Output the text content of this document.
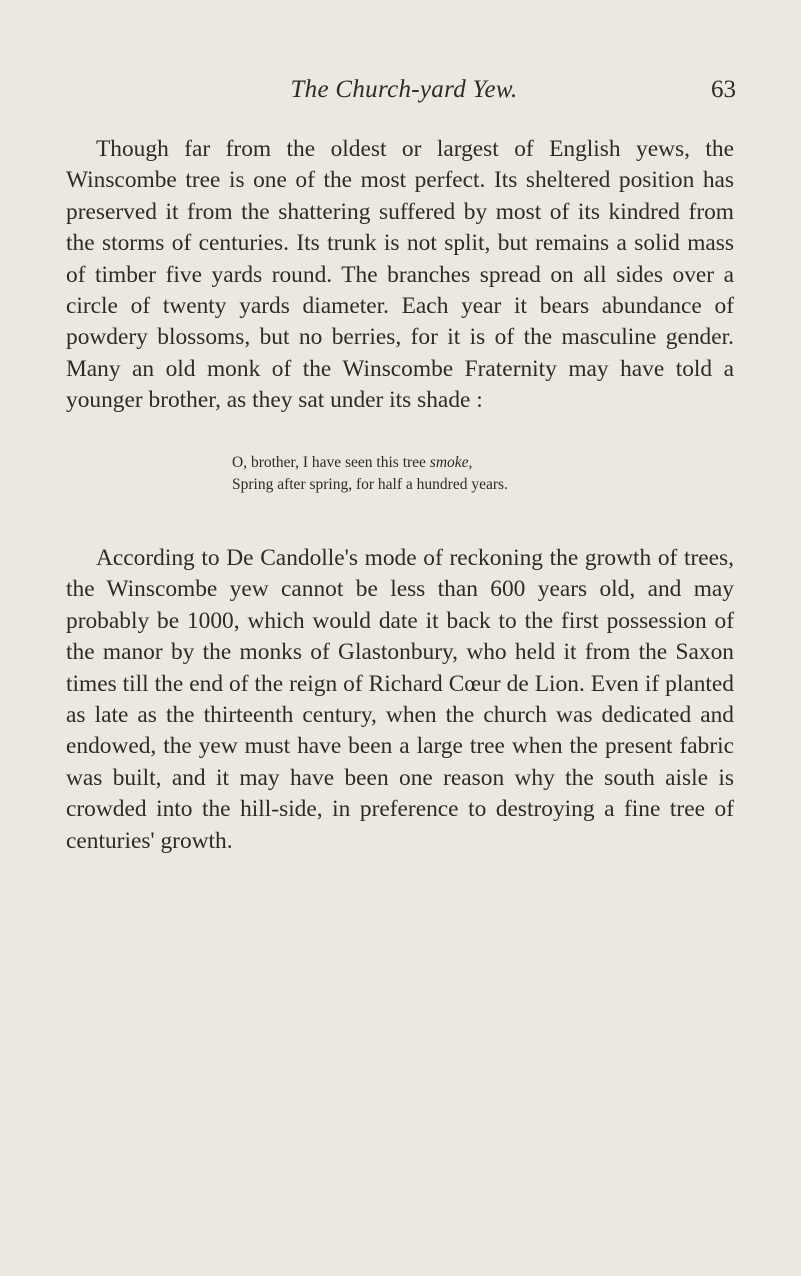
The Church-yard Yew.	63

Though far from the oldest or largest of English yews, the Winscombe tree is one of the most perfect. Its sheltered position has preserved it from the shattering suffered by most of its kindred from the storms of centuries. Its trunk is not split, but remains a solid mass of timber five yards round. The branches spread on all sides over a circle of twenty yards diameter. Each year it bears abundance of powdery blossoms, but no berries, for it is of the masculine gender. Many an old monk of the Winscombe Fraternity may have told a younger brother, as they sat under its shade :

O, brother, I have seen this tree smoke,
Spring after spring, for half a hundred years.

According to De Candolle's mode of reckoning the growth of trees, the Winscombe yew cannot be less than 600 years old, and may probably be 1000, which would date it back to the first possession of the manor by the monks of Glastonbury, who held it from the Saxon times till the end of the reign of Richard Cœur de Lion. Even if planted as late as the thirteenth century, when the church was dedicated and endowed, the yew must have been a large tree when the present fabric was built, and it may have been one reason why the south aisle is crowded into the hill-side, in preference to destroying a fine tree of centuries' growth.
